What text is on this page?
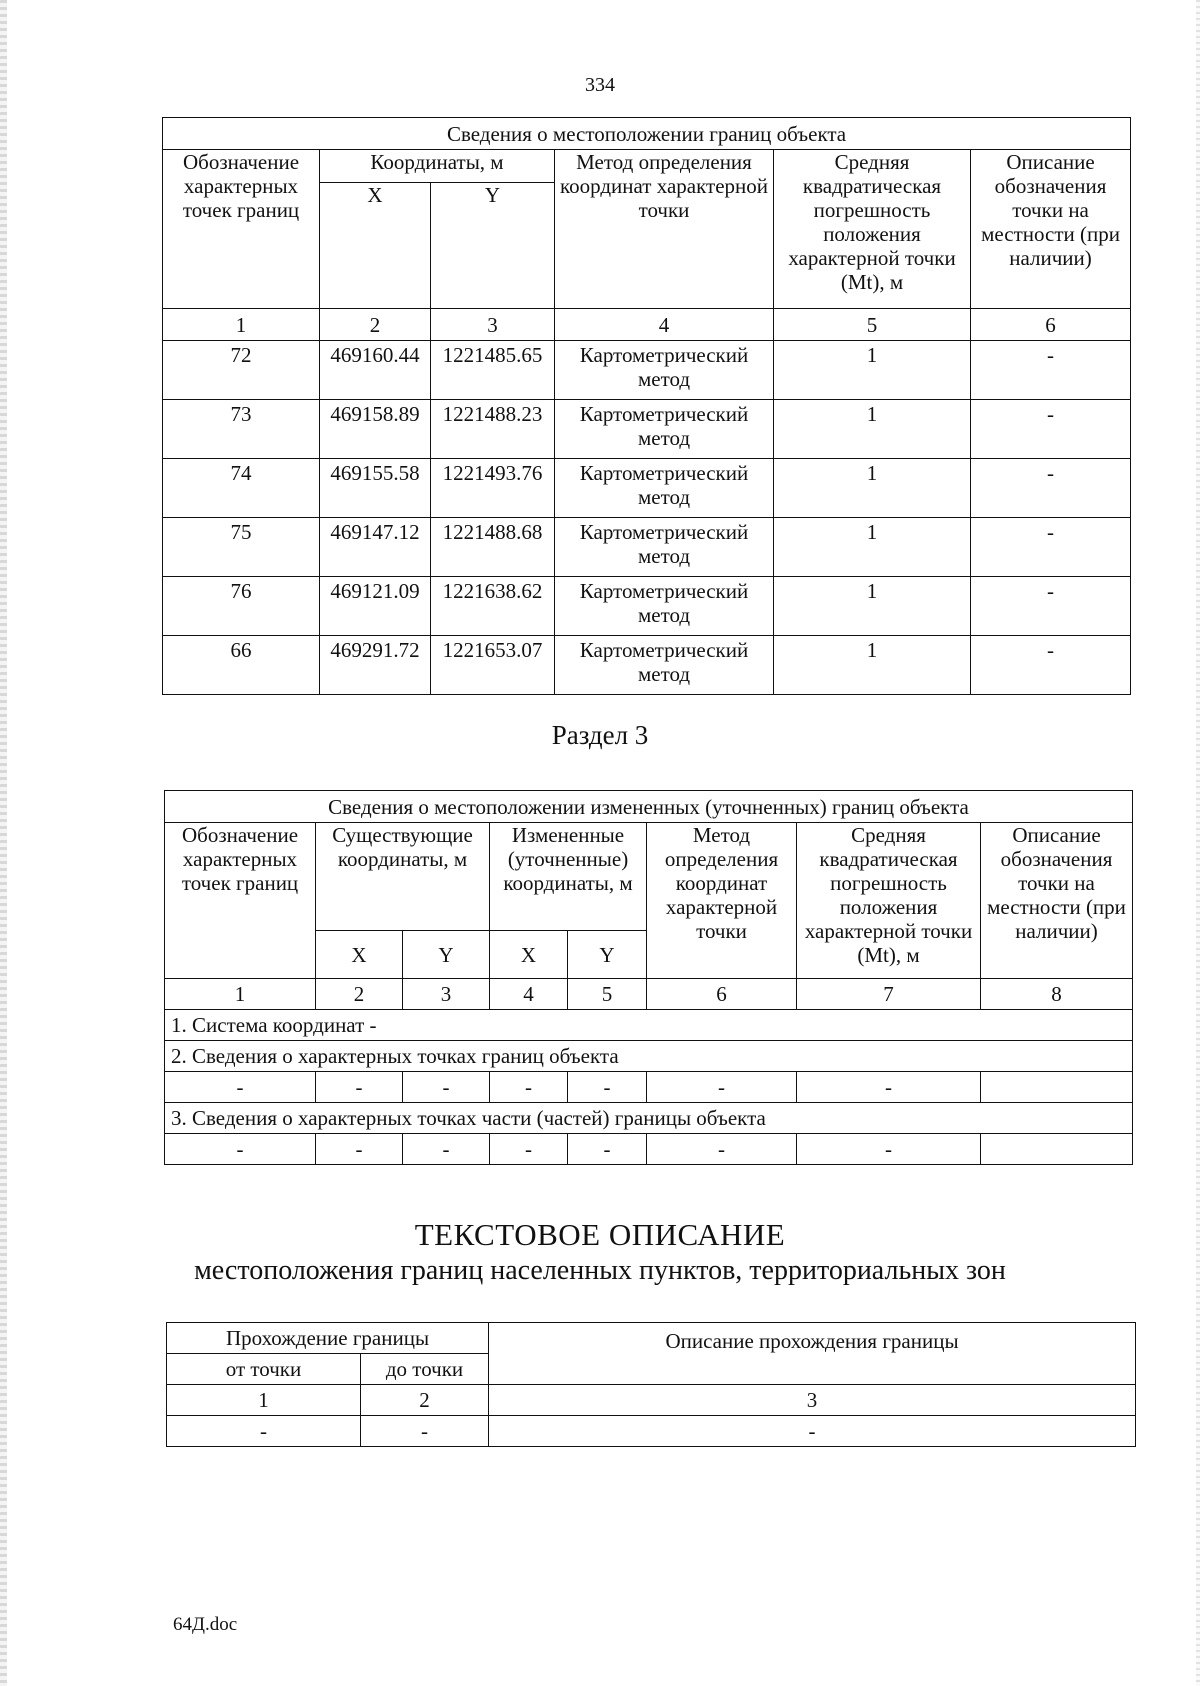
334
Сведения о местоположении границ объекта					
Обозначение характерных точек границ	Координаты, м		Метод определения координат характерной точки	Средняя квадратическая погрешность положения характерной точки (Mt), м	Описание обозначения точки на местности (при наличии)
	X	Y			
1	2	3	4	5	6
72	469160.44	1221485.65	Картометрический метод	1	-
73	469158.89	1221488.23	Картометрический метод	1	-
74	469155.58	1221493.76	Картометрический метод	1	-
75	469147.12	1221488.68	Картометрический метод	1	-
76	469121.09	1221638.62	Картометрический метод	1	-
66	469291.72	1221653.07	Картометрический метод	1	-
Раздел 3
Сведения о местоположении измененных (уточненных) границ объекта							
Обозначение характерных точек границ	Существующие координаты, м		Измененные (уточненные) координаты, м		Метод определения координат характерной точки	Средняя квадратическая погрешность положения характерной точки (Mt), м	Описание обозначения точки на местности (при наличии)
	X	Y	X	Y			
1	2	3	4	5	6	7	8
1. Система координат -							
2. Сведения о характерных точках границ объекта							
-	-	-	-	-	-	-	
3. Сведения о характерных точках части (частей) границы объекта							
-	-	-	-	-	-	-	
ТЕКСТОВОЕ ОПИСАНИЕ
местоположения границ населенных пунктов, территориальных зон
Прохождение границы		Описание прохождения границы
от точки	до точки	
1	2	3
-	-	-
64Д.doc
